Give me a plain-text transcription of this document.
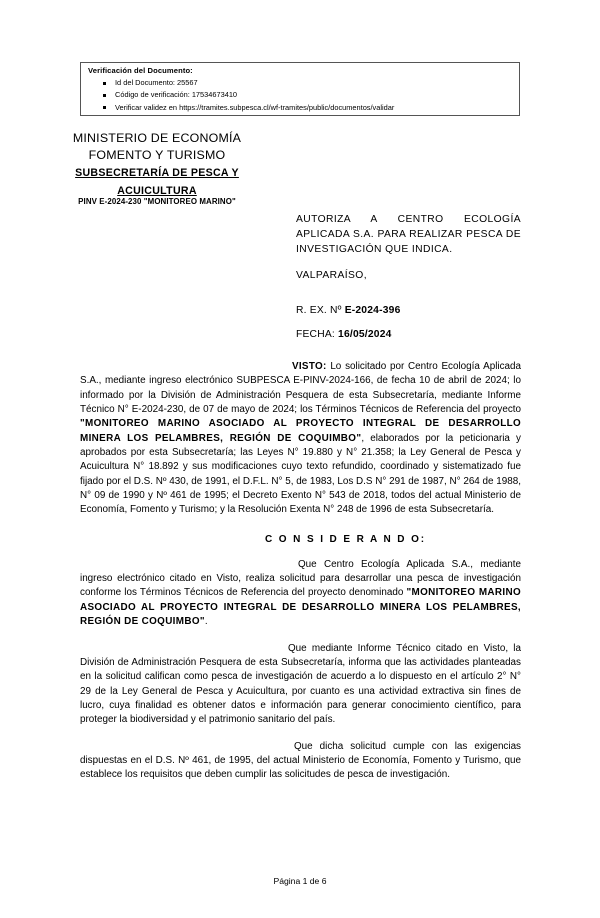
Verificación del Documento:
Id del Documento: 25567
Código de verificación: 17534673410
Verificar validez en https://tramites.subpesca.cl/wf-tramites/public/documentos/validar
MINISTERIO DE ECONOMÍA
FOMENTO Y TURISMO
SUBSECRETARÍA DE PESCA Y
ACUICULTURA
PINV E-2024-230 "MONITOREO MARINO"
AUTORIZA A CENTRO ECOLOGÍA APLICADA S.A. PARA REALIZAR PESCA DE INVESTIGACIÓN QUE INDICA.
VALPARAÍSO,
R. EX. Nº E-2024-396
FECHA: 16/05/2024

VISTO: Lo solicitado por Centro Ecología Aplicada S.A., mediante ingreso electrónico SUBPESCA E-PINV-2024-166, de fecha 10 de abril de 2024; lo informado por la División de Administración Pesquera de esta Subsecretaría, mediante Informe Técnico N° E-2024-230, de 07 de mayo de 2024; los Términos Técnicos de Referencia del proyecto "MONITOREO MARINO ASOCIADO AL PROYECTO INTEGRAL DE DESARROLLO MINERA LOS PELAMBRES, REGIÓN DE COQUIMBO", elaborados por la peticionaria y aprobados por esta Subsecretaría; las Leyes N° 19.880 y N° 21.358; la Ley General de Pesca y Acuicultura N° 18.892 y sus modificaciones cuyo texto refundido, coordinado y sistematizado fue fijado por el D.S. Nº 430, de 1991, el D.F.L. N° 5, de 1983, Los D.S N° 291 de 1987, N° 264 de 1988, N° 09 de 1990 y Nº 461 de 1995; el Decreto Exento N° 543 de 2018, todos del actual Ministerio de Economía, Fomento y Turismo; y la Resolución Exenta N° 248 de 1996 de esta Subsecretaría.

C O N S I D E R A N D O:

Que Centro Ecología Aplicada S.A., mediante ingreso electrónico citado en Visto, realiza solicitud para desarrollar una pesca de investigación conforme los Términos Técnicos de Referencia del proyecto denominado "MONITOREO MARINO ASOCIADO AL PROYECTO INTEGRAL DE DESARROLLO MINERA LOS PELAMBRES, REGIÓN DE COQUIMBO".

Que mediante Informe Técnico citado en Visto, la División de Administración Pesquera de esta Subsecretaría, informa que las actividades planteadas en la solicitud califican como pesca de investigación de acuerdo a lo dispuesto en el artículo 2° N° 29 de la Ley General de Pesca y Acuicultura, por cuanto es una actividad extractiva sin fines de lucro, cuya finalidad es obtener datos e información para generar conocimiento científico, para proteger la biodiversidad y el patrimonio sanitario del país.

Que dicha solicitud cumple con las exigencias dispuestas en el D.S. Nº 461, de 1995, del actual Ministerio de Economía, Fomento y Turismo, que establece los requisitos que deben cumplir las solicitudes de pesca de investigación.

Página 1 de 6
